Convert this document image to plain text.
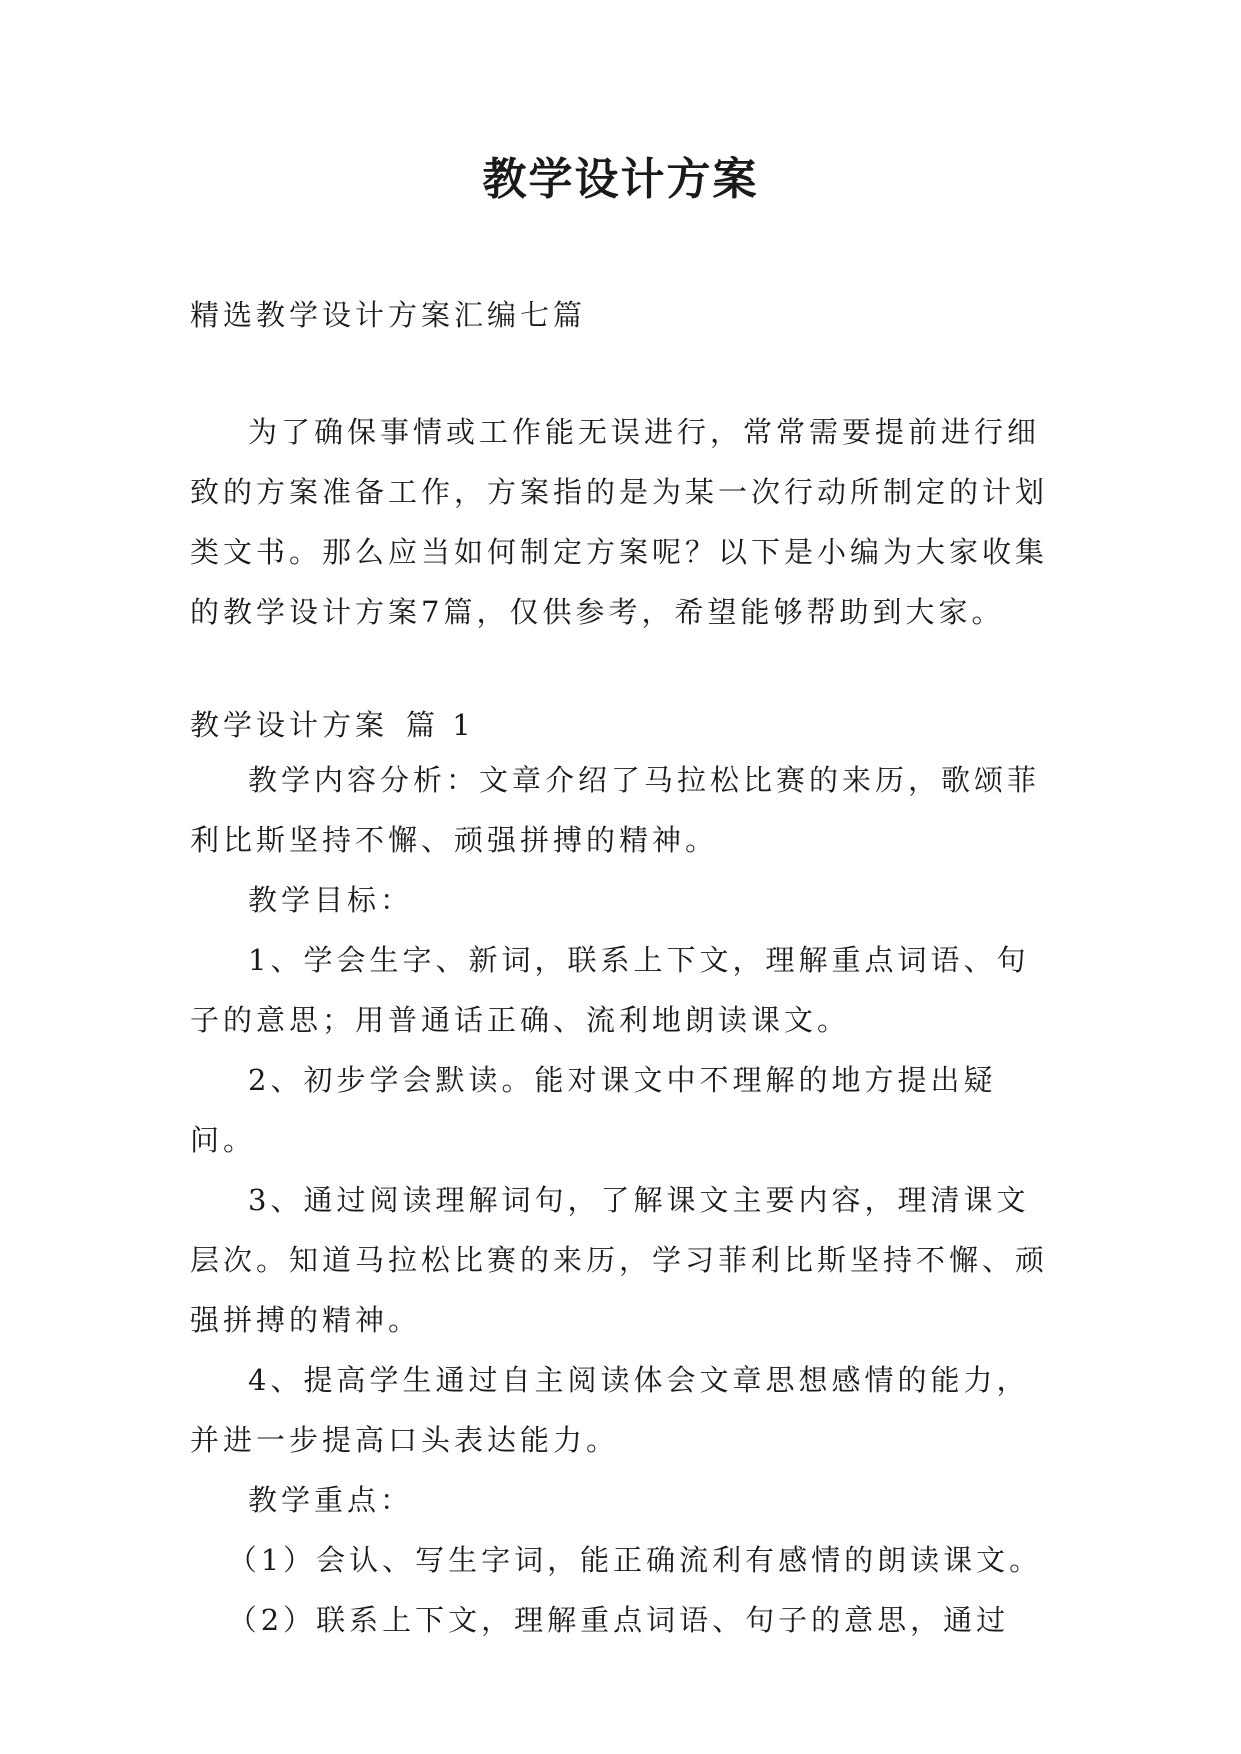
教学设计方案
精选教学设计方案汇编七篇

为了确保事情或工作能无误进行，常常需要提前进行细致的方案准备工作，方案指的是为某一次行动所制定的计划类文书。那么应当如何制定方案呢？以下是小编为大家收集的教学设计方案7篇，仅供参考，希望能够帮助到大家。

教学设计方案 篇 1

教学内容分析：文章介绍了马拉松比赛的来历，歌颂菲利比斯坚持不懈、顽强拼搏的精神。

教学目标：

1、学会生字、新词，联系上下文，理解重点词语、句子的意思；用普通话正确、流利地朗读课文。

2、初步学会默读。能对课文中不理解的地方提出疑问。

3、通过阅读理解词句，了解课文主要内容，理清课文层次。知道马拉松比赛的来历，学习菲利比斯坚持不懈、顽强拼搏的精神。

4、提高学生通过自主阅读体会文章思想感情的能力，并进一步提高口头表达能力。

教学重点：

（1）会认、写生字词，能正确流利有感情的朗读课文。

（2）联系上下文，理解重点词语、句子的意思，通过
